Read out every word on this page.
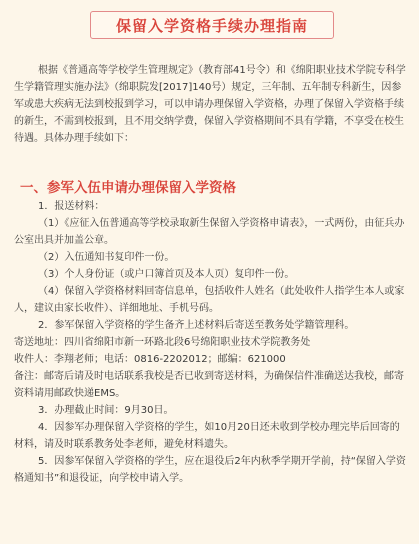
保留入学资格手续办理指南

根据《普通高等学校学生管理规定》（教育部41号令）和《绵阳职业技术学院专科学生学籍管理实施办法》（绵职院发[2017]140号）规定，三年制、五年制专科新生，因参军或患大疾病无法到校报到学习，可以申请办理保留入学资格，办理了保留入学资格手续的新生，不需到校报到，且不用交纳学费，保留入学资格期间不具有学籍，不享受在校生待遇。具体办理手续如下：

一、参军入伍申请办理保留入学资格

1．报送材料：

（1）《应征入伍普通高等学校录取新生保留入学资格申请表》，一式两份，由征兵办公室出具并加盖公章。

（2）入伍通知书复印件一份。

（3）个人身份证（或户口簿首页及本人页）复印件一份。

（4）保留入学资格材料回寄信息单，包括收件人姓名（此处收件人指学生本人或家人，建议由家长收件）、详细地址、手机号码。

2．参军保留入学资格的学生备齐上述材料后寄送至教务处学籍管理科。

寄送地址：四川省绵阳市新一环路北段6号绵阳职业技术学院教务处

收件人：李翔老师；电话：0816-2202012；邮编：621000

备注：邮寄后请及时电话联系我校是否已收到寄送材料，为确保信件准确送达我校，邮寄资料请用邮政快递EMS。

3．办理截止时间：9月30日。

4．因参军办理保留入学资格的学生，如10月20日还未收到学校办理完毕后回寄的材料，请及时联系教务处李老师，避免材料遗失。

5．因参军保留入学资格的学生，应在退役后2年内秋季学期开学前，持“保留入学资格通知书”和退役证，向学校申请入学。
